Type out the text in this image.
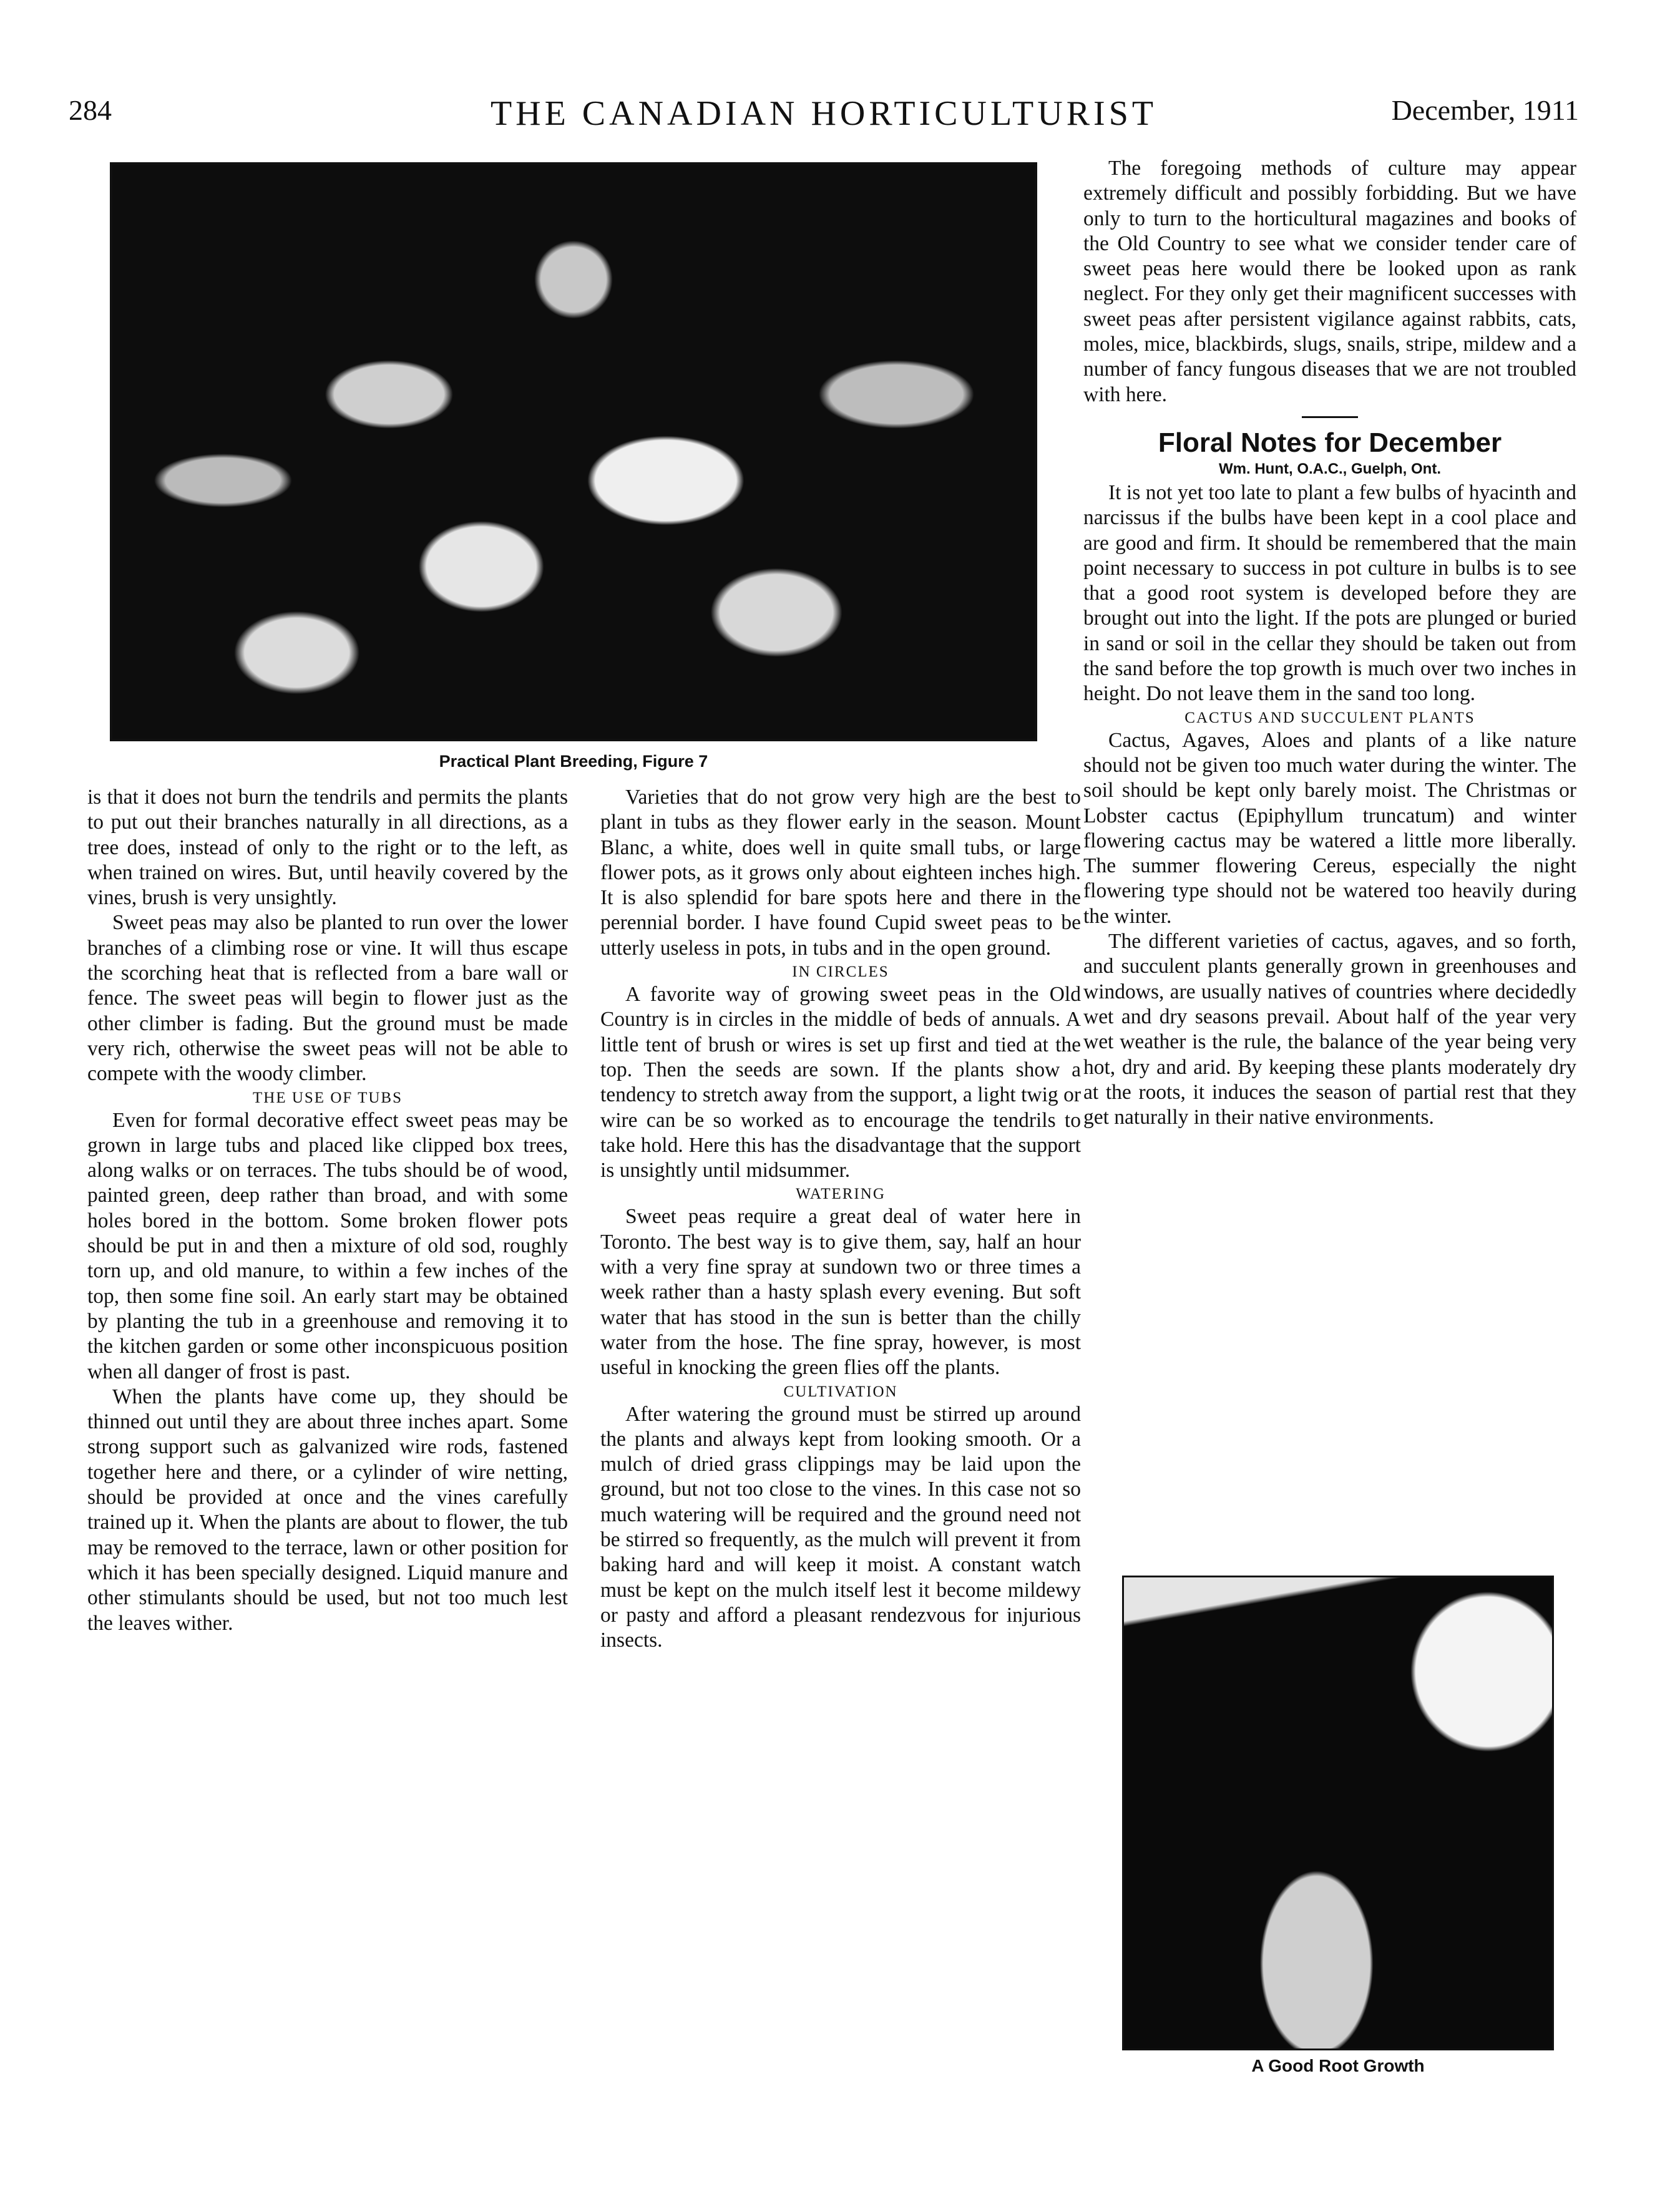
284	THE CANADIAN HORTICULTURIST	December, 1911
Practical Plant Breeding, Figure 7

is that it does not burn the tendrils and permits the plants to put out their branches naturally in all directions, as a tree does, instead of only to the right or to the left, as when trained on wires. But, until heavily covered by the vines, brush is very unsightly.

Sweet peas may also be planted to run over the lower branches of a climbing rose or vine. It will thus escape the scorching heat that is reflected from a bare wall or fence. The sweet peas will begin to flower just as the other climber is fading. But the ground must be made very rich, otherwise the sweet peas will not be able to compete with the woody climber.

THE USE OF TUBS

Even for formal decorative effect sweet peas may be grown in large tubs and placed like clipped box trees, along walks or on terraces. The tubs should be of wood, painted green, deep rather than broad, and with some holes bored in the bottom. Some broken flower pots should be put in and then a mixture of old sod, roughly torn up, and old manure, to within a few inches of the top, then some fine soil. An early start may be obtained by planting the tub in a greenhouse and removing it to the kitchen garden or some other inconspicuous position when all danger of frost is past.

When the plants have come up, they should be thinned out until they are about three inches apart. Some strong support such as galvanized wire rods, fastened together here and there, or a cylinder of wire netting, should be provided at once and the vines carefully trained up it. When the plants are about to flower, the tub may be removed to the terrace, lawn or other position for which it has been specially designed. Liquid manure and other stimulants should be used, but not too much lest the leaves wither.

Varieties that do not grow very high are the best to plant in tubs as they flower early in the season. Mount Blanc, a white, does well in quite small tubs, or large flower pots, as it grows only about eighteen inches high. It is also splendid for bare spots here and there in the perennial border. I have found Cupid sweet peas to be utterly useless in pots, in tubs and in the open ground.

IN CIRCLES

A favorite way of growing sweet peas in the Old Country is in circles in the middle of beds of annuals. A little tent of brush or wires is set up first and tied at the top. Then the seeds are sown. If the plants show a tendency to stretch away from the support, a light twig or wire can be so worked as to encourage the tendrils to take hold. Here this has the disadvantage that the support is unsightly until midsummer.

WATERING

Sweet peas require a great deal of water here in Toronto. The best way is to give them, say, half an hour with a very fine spray at sundown two or three times a week rather than a hasty splash every evening. But soft water that has stood in the sun is better than the chilly water from the hose. The fine spray, however, is most useful in knocking the green flies off the plants.

CULTIVATION

After watering the ground must be stirred up around the plants and always kept from looking smooth. Or a mulch of dried grass clippings may be laid upon the ground, but not too close to the vines. In this case not so much watering will be required and the ground need not be stirred so frequently, as the mulch will prevent it from baking hard and will keep it moist. A constant watch must be kept on the mulch itself lest it become mildewy or pasty and afford a pleasant rendezvous for injurious insects.

The foregoing methods of culture may appear extremely difficult and possibly forbidding. But we have only to turn to the horticultural magazines and books of the Old Country to see what we consider tender care of sweet peas here would there be looked upon as rank neglect. For they only get their magnificent successes with sweet peas after persistent vigilance against rabbits, cats, moles, mice, blackbirds, slugs, snails, stripe, mildew and a number of fancy fungous diseases that we are not troubled with here.

Floral Notes for December
Wm. Hunt, O.A.C., Guelph, Ont.

It is not yet too late to plant a few bulbs of hyacinth and narcissus if the bulbs have been kept in a cool place and are good and firm. It should be remembered that the main point necessary to success in pot culture in bulbs is to see that a good root system is developed before they are brought out into the light. If the pots are plunged or buried in sand or soil in the cellar they should be taken out from the sand before the top growth is much over two inches in height. Do not leave them in the sand too long.

CACTUS AND SUCCULENT PLANTS

Cactus, Agaves, Aloes and plants of a like nature should not be given too much water during the winter. The soil should be kept only barely moist. The Christmas or Lobster cactus (Epiphyllum truncatum) and winter flowering cactus may be watered a little more liberally. The summer flowering Cereus, especially the night flowering type should not be watered too heavily during the winter.

The different varieties of cactus, agaves, and so forth, and succulent plants generally grown in greenhouses and windows, are usually natives of countries where decidedly wet and dry seasons prevail. About half of the year very wet weather is the rule, the balance of the year being very hot, dry and arid. By keeping these plants moderately dry at the roots, it induces the season of partial rest that they get naturally in their native environments.

A Good Root Growth
